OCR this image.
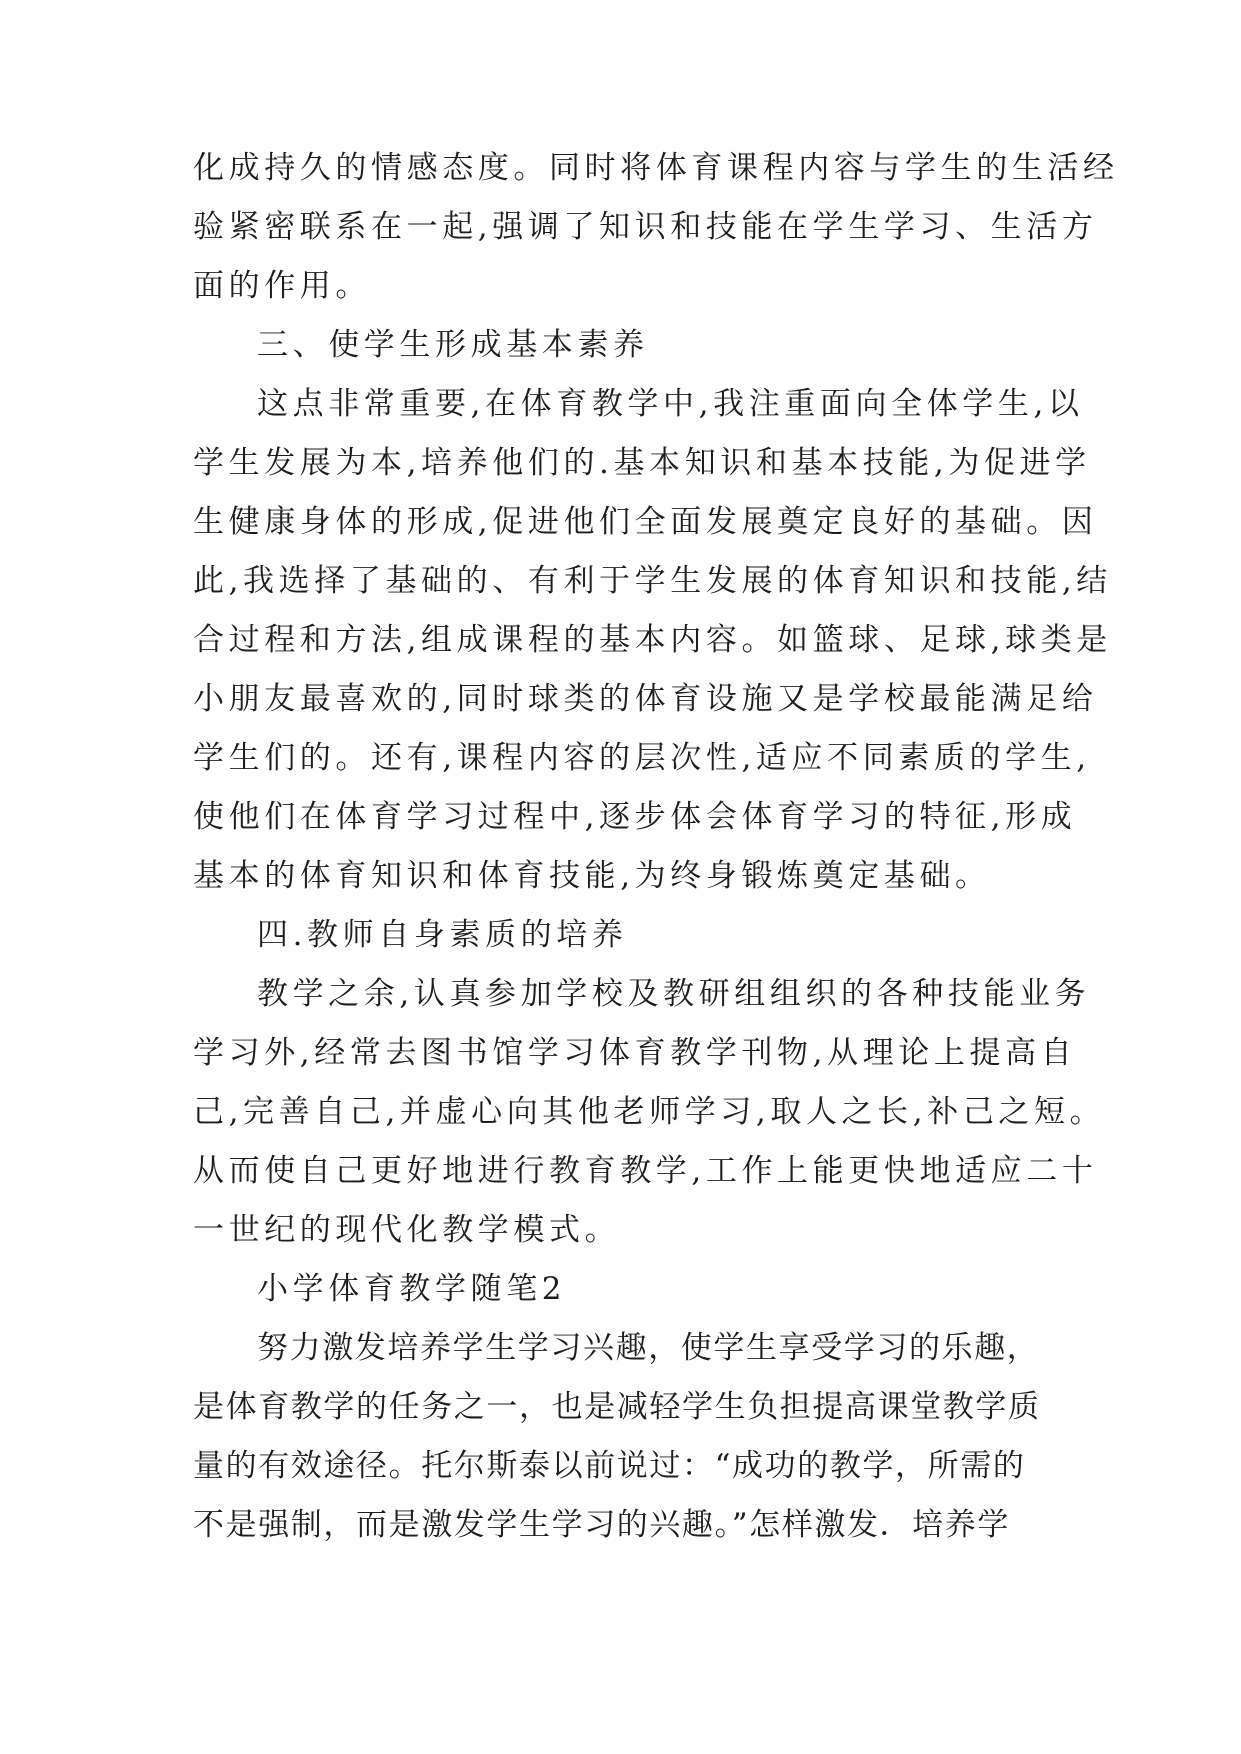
化成持久的情感态度。同时将体育课程内容与学生的生活经
验紧密联系在一起,强调了知识和技能在学生学习、生活方
面的作用。
三、使学生形成基本素养
这点非常重要,在体育教学中,我注重面向全体学生,以
学生发展为本,培养他们的.基本知识和基本技能,为促进学
生健康身体的形成,促进他们全面发展奠定良好的基础。因
此,我选择了基础的、有利于学生发展的体育知识和技能,结
合过程和方法,组成课程的基本内容。如篮球、足球,球类是
小朋友最喜欢的,同时球类的体育设施又是学校最能满足给
学生们的。还有,课程内容的层次性,适应不同素质的学生,
使他们在体育学习过程中,逐步体会体育学习的特征,形成
基本的体育知识和体育技能,为终身锻炼奠定基础。
四.教师自身素质的培养
教学之余,认真参加学校及教研组组织的各种技能业务
学习外,经常去图书馆学习体育教学刊物,从理论上提高自
己,完善自己,并虚心向其他老师学习,取人之长,补己之短。
从而使自己更好地进行教育教学,工作上能更快地适应二十
一世纪的现代化教学模式。
小学体育教学随笔2
努力激发培养学生学习兴趣，使学生享受学习的乐趣，
是体育教学的任务之一，也是减轻学生负担提高课堂教学质
量的有效途径。托尔斯泰以前说过：“成功的教学，所需的
不是强制，而是激发学生学习的兴趣。”怎样激发．培养学
